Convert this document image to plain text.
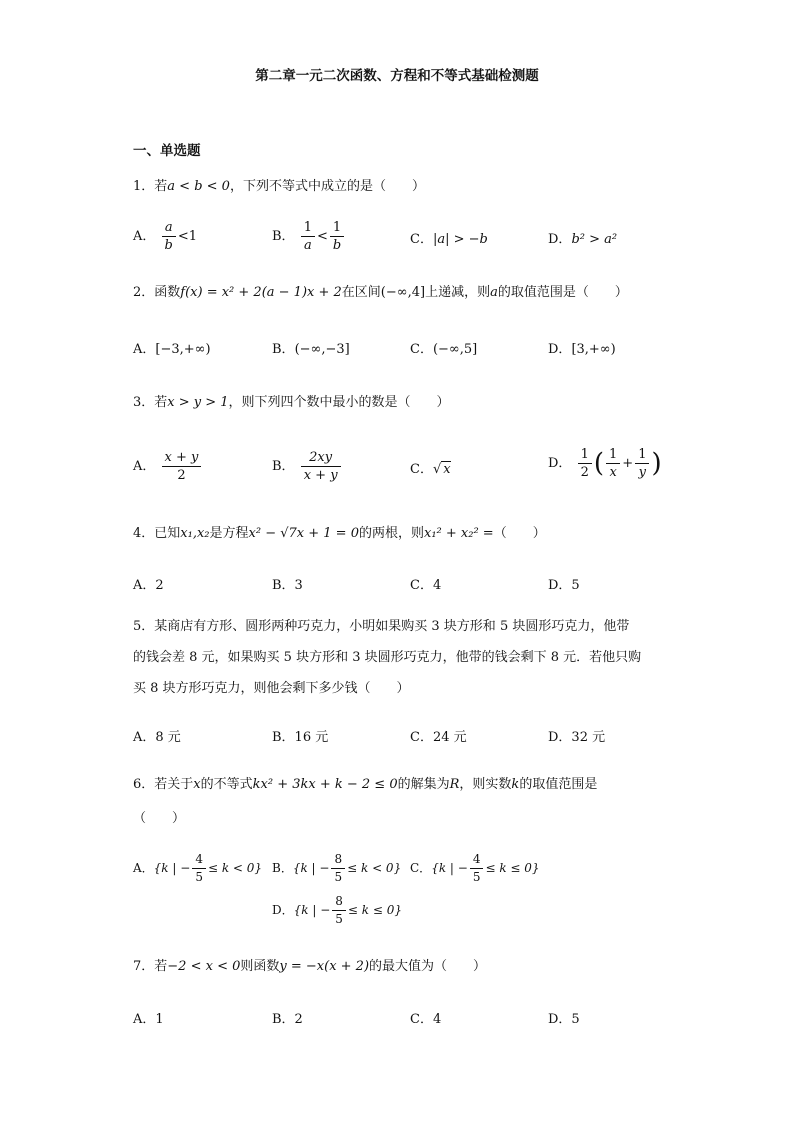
第二章一元二次函数、方程和不等式基础检测题
一、单选题
1．若a < b < 0，下列不等式中成立的是（　　）
A． $\frac{a}{b} <1$	B． $\frac{1}{a} < \frac{1}{b}$	C．|a| > −b	D．b² > a²
2．函数f(x) = x² + 2(a − 1)x + 2在区间(−∞,4]上递减，则a的取值范围是（　　）
A．[−3,+∞)	B．(−∞,−3]	C．(−∞,5]	D．[3,+∞)
3．若x > y > 1，则下列四个数中最小的数是（　　）
A． $\frac{x + y}{2}$	B． $\frac{2xy}{x + y}$	C．√ x	D． $\frac{1}{2}$ ( $\frac{1}{x} + \frac{1}{y}$ )
4．已知x₁,x₂是方程x² − √7x + 1 = 0的两根，则x₁² + x₂² =（　　）
A．2	B．3	C．4	D．5
5．某商店有方形、圆形两种巧克力，小明如果购买 3 块方形和 5 块圆形巧克力，他带
的钱会差 8 元，如果购买 5 块方形和 3 块圆形巧克力，他带的钱会剩下 8 元．若他只购
买 8 块方形巧克力，则他会剩下多少钱（　　）
A．8 元	B．16 元	C．24 元	D．32 元
6．若关于x的不等式kx² + 3kx + k − 2 ≤ 0的解集为R，则实数k的取值范围是
（　　）
A．{k | − $\frac{4}{5} \le k < 0$} B．{k | − $\frac{8}{5} \le k < 0$} C．{k | − $\frac{4}{5} \le k \le 0$}
D．{k | − $\frac{8}{5} \le k \le 0$}
7．若−2 < x < 0则函数y = −x(x + 2)的最大值为（　　）
A．1	B．2	C．4	D．5
